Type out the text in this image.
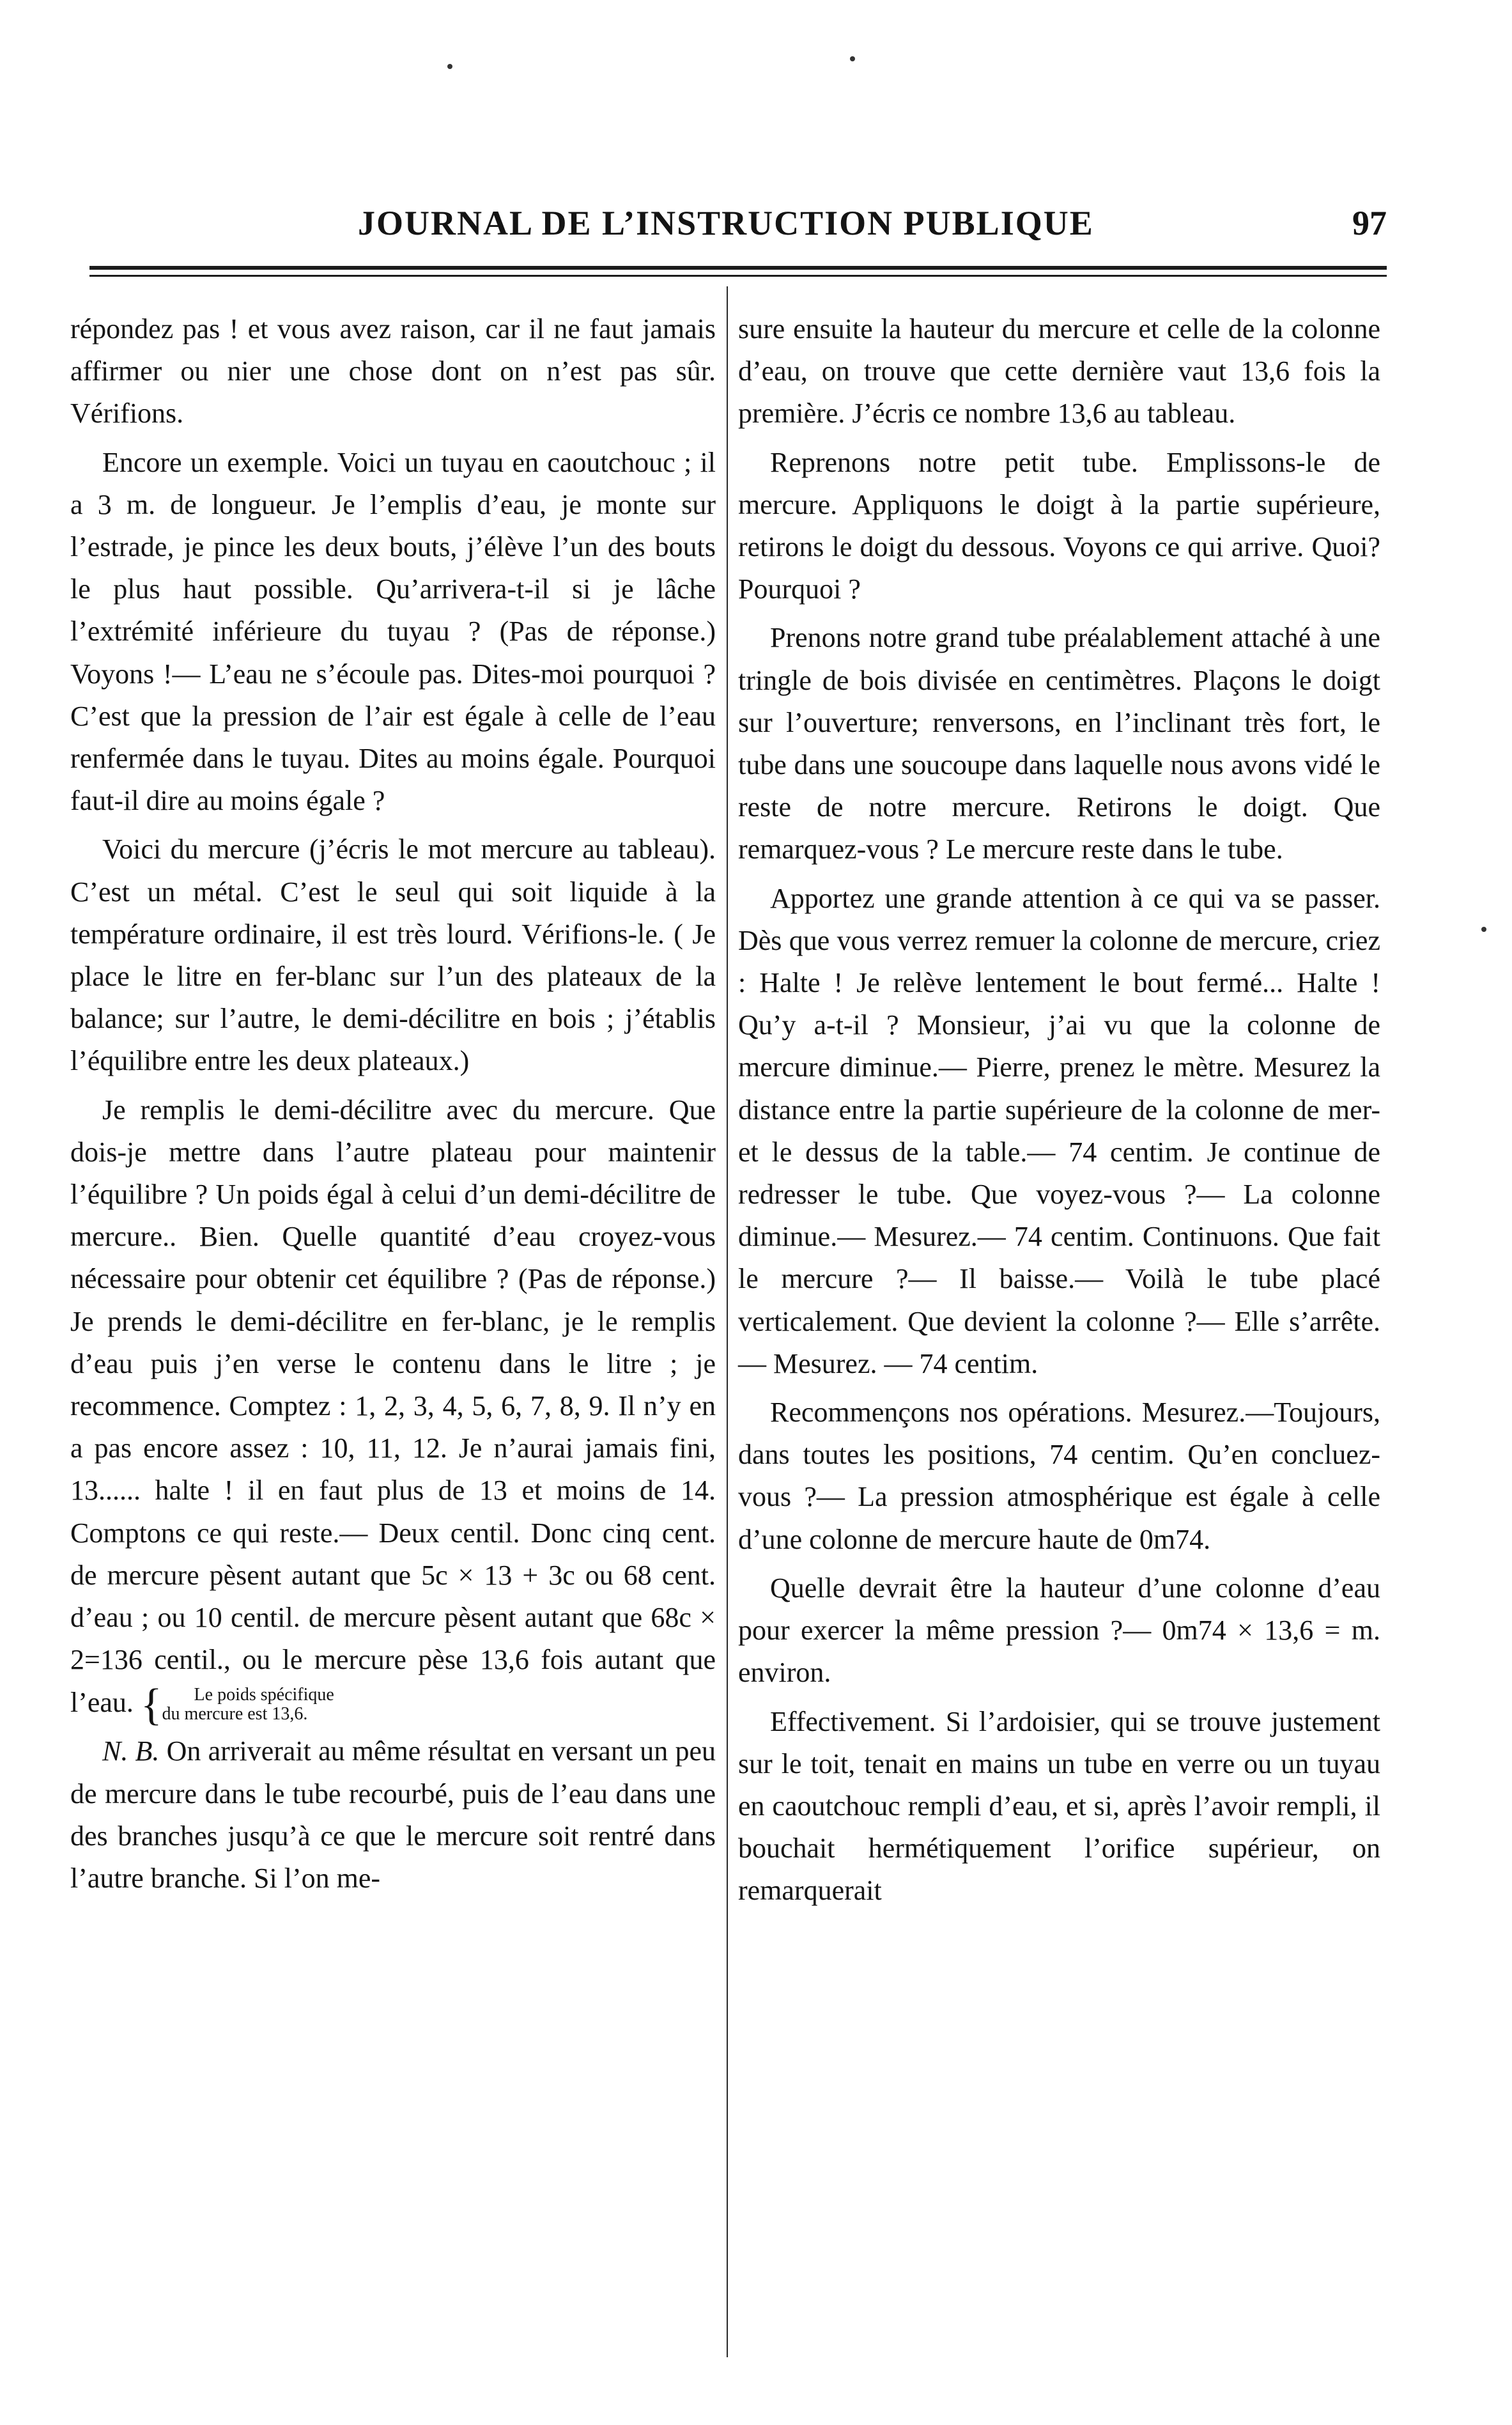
JOURNAL DE L’INSTRUCTION PUBLIQUE	97

répondez pas ! et vous avez raison, car il ne faut jamais affirmer ou nier une chose dont on n’est pas sûr. Vérifions.

Encore un exemple. Voici un tuyau en caoutchouc ; il a 3 m. de longueur. Je l’emplis d’eau, je monte sur l’estrade, je pince les deux bouts, j’élève l’un des bouts le plus haut possible. Qu’arrivera-t-il si je lâche l’extrémité inférieure du tuyau ? (Pas de réponse.) Voyons !— L’eau ne s’écoule pas. Dites-moi pourquoi ? C’est que la pression de l’air est égale à celle de l’eau renfermée dans le tuyau. Dites au moins égale. Pourquoi faut-il dire au moins égale ?

Voici du mercure (j’écris le mot mercure au tableau). C’est un métal. C’est le seul qui soit liquide à la température ordinaire, il est très lourd. Vérifions-le. ( Je place le litre en fer-blanc sur l’un des plateaux de la balance; sur l’autre, le demi-décilitre en bois ; j’établis l’équilibre entre les deux plateaux.)

Je remplis le demi-décilitre avec du mercure. Que dois-je mettre dans l’autre plateau pour maintenir l’équilibre ? Un poids égal à celui d’un demi-décilitre de mercure.. Bien. Quelle quantité d’eau croyez-vous nécessaire pour obtenir cet équilibre ? (Pas de réponse.) Je prends le demi-décilitre en fer-blanc, je le remplis d’eau puis j’en verse le contenu dans le litre ; je recommence. Comptez : 1, 2, 3, 4, 5, 6, 7, 8, 9. Il n’y en a pas encore assez : 10, 11, 12. Je n’aurai jamais fini, 13...... halte ! il en faut plus de 13 et moins de 14. Comptons ce qui reste.— Deux centil. Donc cinq cent. de mercure pèsent autant que 5c × 13 + 3c ou 68 cent. d’eau ; ou 10 centil. de mercure pèsent autant que 68c × 2=136 centil., ou le mercure pèse 13,6 fois autant que l’eau. { Le poids spécifique
du mercure est 13,6.

N. B. On arriverait au même résultat en versant un peu de mercure dans le tube recourbé, puis de l’eau dans une des branches jusqu’à ce que le mercure soit rentré dans l’autre branche. Si l’on me-

sure ensuite la hauteur du mercure et celle de la colonne d’eau, on trouve que cette dernière vaut 13,6 fois la première. J’écris ce nombre 13,6 au tableau.

Reprenons notre petit tube. Emplissons-le de mercure. Appliquons le doigt à la partie supérieure, retirons le doigt du dessous. Voyons ce qui arrive. Quoi? Pourquoi ?

Prenons notre grand tube préalablement attaché à une tringle de bois divisée en centimètres. Plaçons le doigt sur l’ouverture; renversons, en l’inclinant très fort, le tube dans une soucoupe dans laquelle nous avons vidé le reste de notre mercure. Retirons le doigt. Que remarquez-vous ? Le mercure reste dans le tube.

Apportez une grande attention à ce qui va se passer. Dès que vous verrez remuer la colonne de mercure, criez : Halte ! Je relève lentement le bout fermé... Halte ! Qu’y a-t-il ? Monsieur, j’ai vu que la colonne de mercure diminue.— Pierre, prenez le mètre. Mesurez la distance entre la partie supérieure de la colonne de mer- et le dessus de la table.— 74 centim. Je continue de redresser le tube. Que voyez-vous ?— La colonne diminue.— Mesurez.— 74 centim. Continuons. Que fait le mercure ?— Il baisse.— Voilà le tube placé verticalement. Que devient la colonne ?— Elle s’arrête.— Mesurez. — 74 centim.

Recommençons nos opérations. Mesurez.—Toujours, dans toutes les positions, 74 centim. Qu’en concluez-vous ?— La pression atmosphérique est égale à celle d’une colonne de mercure haute de 0m74.

Quelle devrait être la hauteur d’une colonne d’eau pour exercer la même pression ?— 0m74 × 13,6 = m. environ.

Effectivement. Si l’ardoisier, qui se trouve justement sur le toit, tenait en mains un tube en verre ou un tuyau en caoutchouc rempli d’eau, et si, après l’avoir rempli, il bouchait hermétiquement l’orifice supérieur, on remarquerait
